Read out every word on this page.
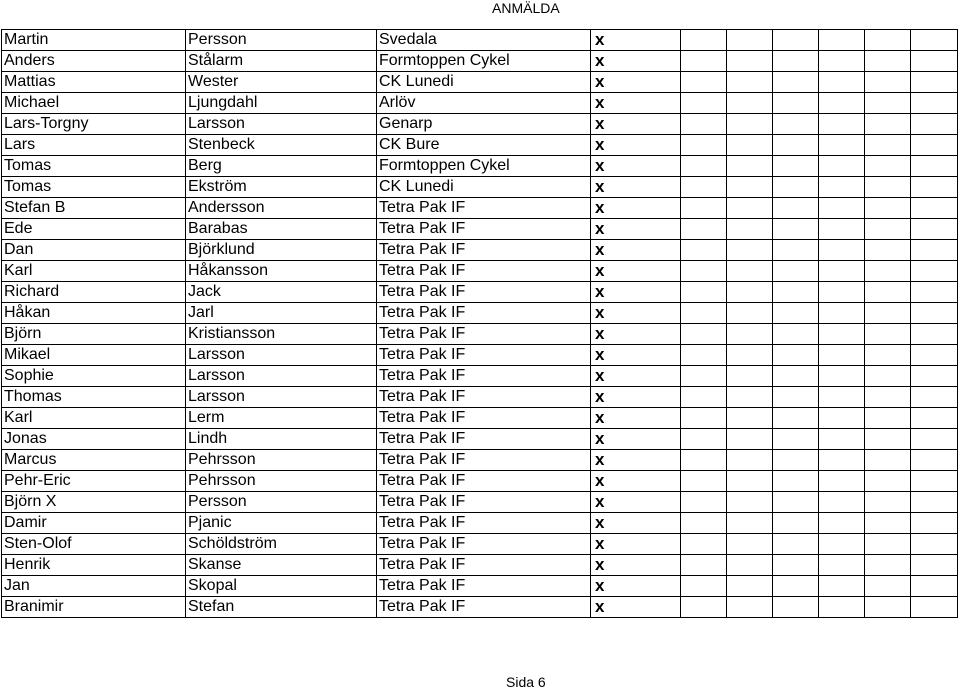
ANMÄLDA
Martin	Persson	Svedala	x						
Anders	Stålarm	Formtoppen Cykel	x						
Mattias	Wester	CK Lunedi	x						
Michael	Ljungdahl	Arlöv	x						
Lars-Torgny	Larsson	Genarp	x						
Lars	Stenbeck	CK Bure	x						
Tomas	Berg	Formtoppen Cykel	x						
Tomas	Ekström	CK Lunedi	x						
Stefan B	Andersson	Tetra Pak IF	x						
Ede	Barabas	Tetra Pak IF	x						
Dan	Björklund	Tetra Pak IF	x						
Karl	Håkansson	Tetra Pak IF	x						
Richard	Jack	Tetra Pak IF	x						
Håkan	Jarl	Tetra Pak IF	x						
Björn	Kristiansson	Tetra Pak IF	x						
Mikael	Larsson	Tetra Pak IF	x						
Sophie	Larsson	Tetra Pak IF	x						
Thomas	Larsson	Tetra Pak IF	x						
Karl	Lerm	Tetra Pak IF	x						
Jonas	Lindh	Tetra Pak IF	x						
Marcus	Pehrsson	Tetra Pak IF	x						
Pehr-Eric	Pehrsson	Tetra Pak IF	x						
Björn X	Persson	Tetra Pak IF	x						
Damir	Pjanic	Tetra Pak IF	x						
Sten-Olof	Schöldström	Tetra Pak IF	x						
Henrik	Skanse	Tetra Pak IF	x						
Jan	Skopal	Tetra Pak IF	x						
Branimir	Stefan	Tetra Pak IF	x						
Sida 6
